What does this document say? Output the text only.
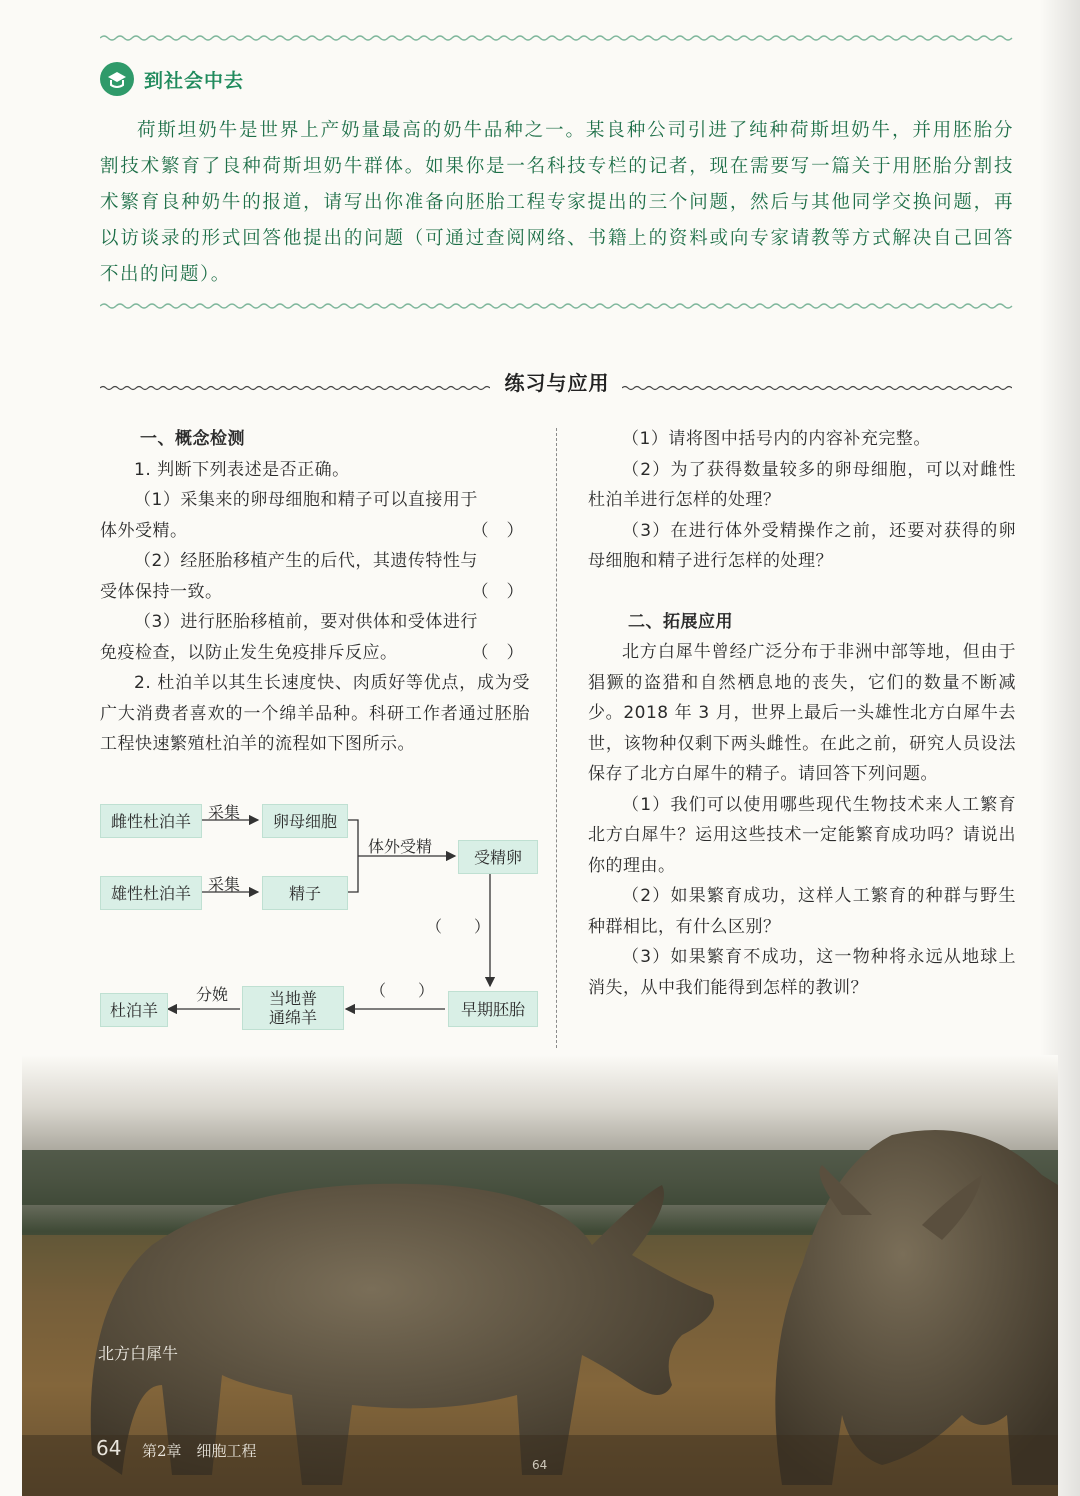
到社会中去

荷斯坦奶牛是世界上产奶量最高的奶牛品种之一。某良种公司引进了纯种荷斯坦奶牛，并用胚胎分割技术繁育了良种荷斯坦奶牛群体。如果你是一名科技专栏的记者，现在需要写一篇关于用胚胎分割技术繁育良种奶牛的报道，请写出你准备向胚胎工程专家提出的三个问题，然后与其他同学交换问题，再以访谈录的形式回答他提出的问题（可通过查阅网络、书籍上的资料或向专家请教等方式解决自己回答不出的问题）。

练习与应用
一、概念检测
1. 判断下列表述是否正确。
（1）采集来的卵母细胞和精子可以直接用于
体外受精。	（　）
（2）经胚胎移植产生的后代，其遗传特性与
受体保持一致。	（　）
（3）进行胚胎移植前，要对供体和受体进行
免疫检查，以防止发生免疫排斥反应。	（　）

2. 杜泊羊以其生长速度快、肉质好等优点，成为受广大消费者喜欢的一个绵羊品种。科研工作者通过胚胎工程快速繁殖杜泊羊的流程如下图所示。

雌性杜泊羊	采集	卵母细胞
体外受精
受精卵
雄性杜泊羊	采集	精子
（　　）
早期胚胎
（　　）
当地普通绵羊
分娩
杜泊羊

（1）请将图中括号内的内容补充完整。

（2）为了获得数量较多的卵母细胞，可以对雌性杜泊羊进行怎样的处理？

（3）在进行体外受精操作之前，还要对获得的卵母细胞和精子进行怎样的处理？

二、拓展应用

北方白犀牛曾经广泛分布于非洲中部等地，但由于猖獗的盗猎和自然栖息地的丧失，它们的数量不断减少。2018 年 3 月，世界上最后一头雄性北方白犀牛去世，该物种仅剩下两头雌性。在此之前，研究人员设法保存了北方白犀牛的精子。请回答下列问题。

（1）我们可以使用哪些现代生物技术来人工繁育北方白犀牛？运用这些技术一定能繁育成功吗？请说出你的理由。

（2）如果繁育成功，这样人工繁育的种群与野生种群相比，有什么区别？

（3）如果繁育不成功，这一物种将永远从地球上消失，从中我们能得到怎样的教训？

北方白犀牛
64 第2章　细胞工程
64
